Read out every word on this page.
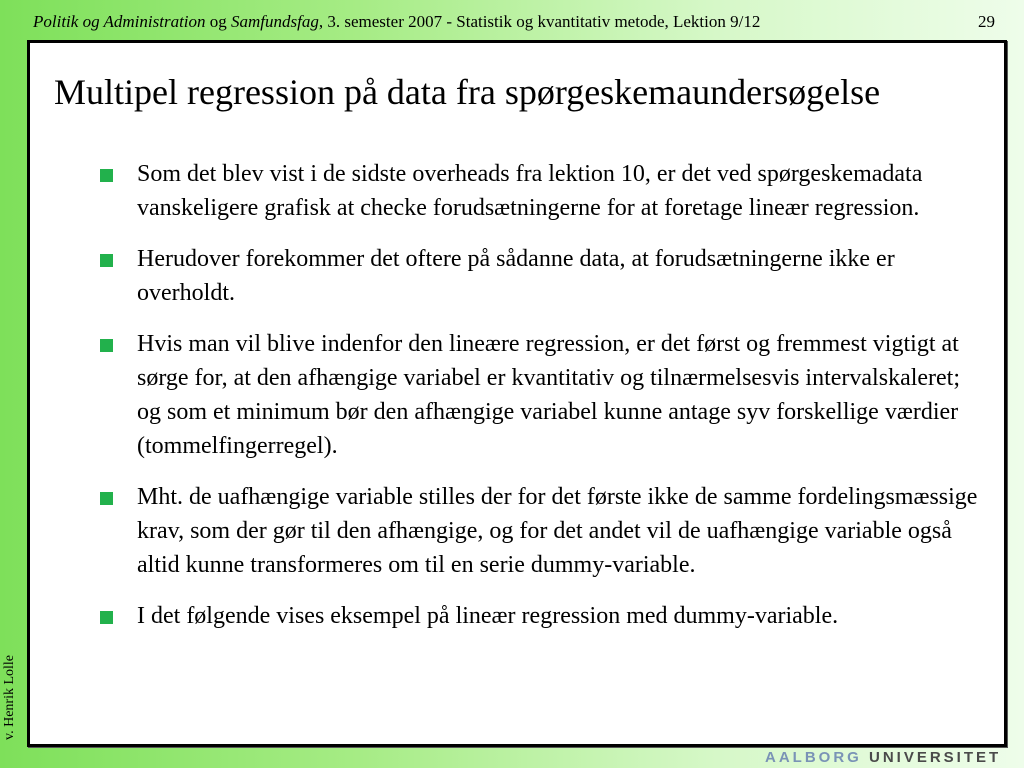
Politik og Administration og Samfundsfag, 3. semester 2007 - Statistik og kvantitativ metode, Lektion 9/12	29
Multipel regression på data fra spørgeskemaundersøgelse
Som det blev vist i de sidste overheads fra lektion 10, er det ved spørgeskemadata vanskeligere grafisk at checke forudsætningerne for at foretage lineær regression.
Herudover forekommer det oftere på sådanne data, at forudsætningerne ikke er overholdt.
Hvis man vil blive indenfor den lineære regression, er det først og fremmest vigtigt at sørge for, at den afhængige variabel er kvantitativ og tilnærmelsesvis intervalskaleret; og som et minimum bør den afhængige variabel kunne antage syv forskellige værdier (tommelfingerregel).
Mht. de uafhængige variable stilles der for det første ikke de samme fordelingsmæssige krav, som der gør til den afhængige, og for det andet vil de uafhængige variable også altid kunne transformeres om til en serie dummy-variable.
I det følgende vises eksempel på lineær regression med dummy-variable.
v. Henrik Lolle
AALBORG UNIVERSITET
